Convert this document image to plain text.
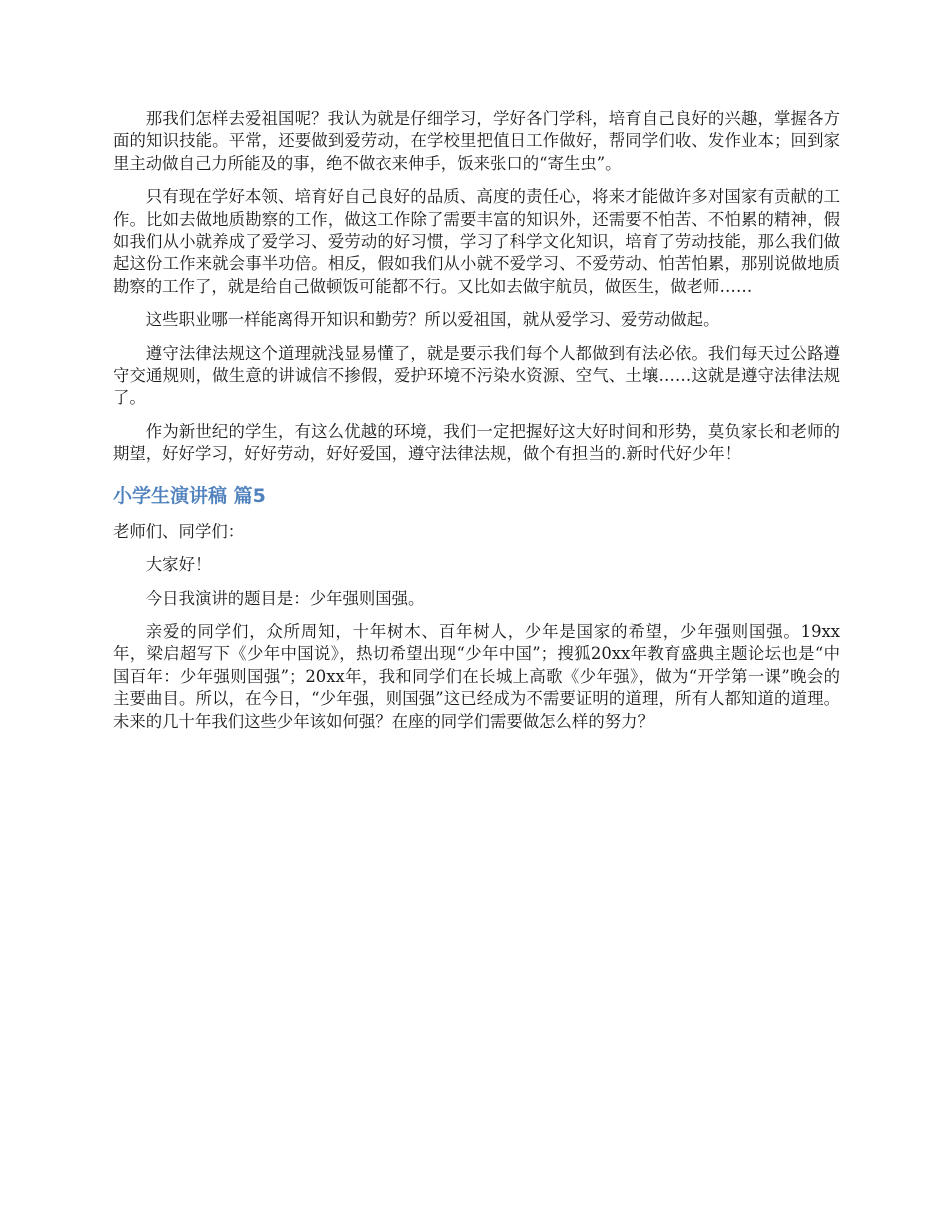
那我们怎样去爱祖国呢？我认为就是仔细学习，学好各门学科，培育自己良好的兴趣，掌握各方面的知识技能。平常，还要做到爱劳动，在学校里把值日工作做好，帮同学们收、发作业本；回到家里主动做自己力所能及的事，绝不做衣来伸手，饭来张口的“寄生虫”。

只有现在学好本领、培育好自己良好的品质、高度的责任心，将来才能做许多对国家有贡献的工作。比如去做地质勘察的工作，做这工作除了需要丰富的知识外，还需要不怕苦、不怕累的精神，假如我们从小就养成了爱学习、爱劳动的好习惯，学习了科学文化知识，培育了劳动技能，那么我们做起这份工作来就会事半功倍。相反，假如我们从小就不爱学习、不爱劳动、怕苦怕累，那别说做地质勘察的工作了，就是给自己做顿饭可能都不行。又比如去做宇航员，做医生，做老师……

这些职业哪一样能离得开知识和勤劳？所以爱祖国，就从爱学习、爱劳动做起。

遵守法律法规这个道理就浅显易懂了，就是要示我们每个人都做到有法必依。我们每天过公路遵守交通规则，做生意的讲诚信不掺假，爱护环境不污染水资源、空气、土壤……这就是遵守法律法规了。

作为新世纪的学生，有这么优越的环境，我们一定把握好这大好时间和形势，莫负家长和老师的期望，好好学习，好好劳动，好好爱国，遵守法律法规，做个有担当的.新时代好少年！

小学生演讲稿 篇5

老师们、同学们：

大家好！

今日我演讲的题目是：少年强则国强。

亲爱的同学们，众所周知，十年树木、百年树人，少年是国家的希望，少年强则国强。19xx年，梁启超写下《少年中国说》，热切希望出现“少年中国”；搜狐20xx年教育盛典主题论坛也是“中国百年：少年强则国强”；20xx年，我和同学们在长城上高歌《少年强》，做为“开学第一课”晚会的主要曲目。所以，在今日，“少年强，则国强”这已经成为不需要证明的道理，所有人都知道的道理。未来的几十年我们这些少年该如何强？在座的同学们需要做怎么样的努力？
